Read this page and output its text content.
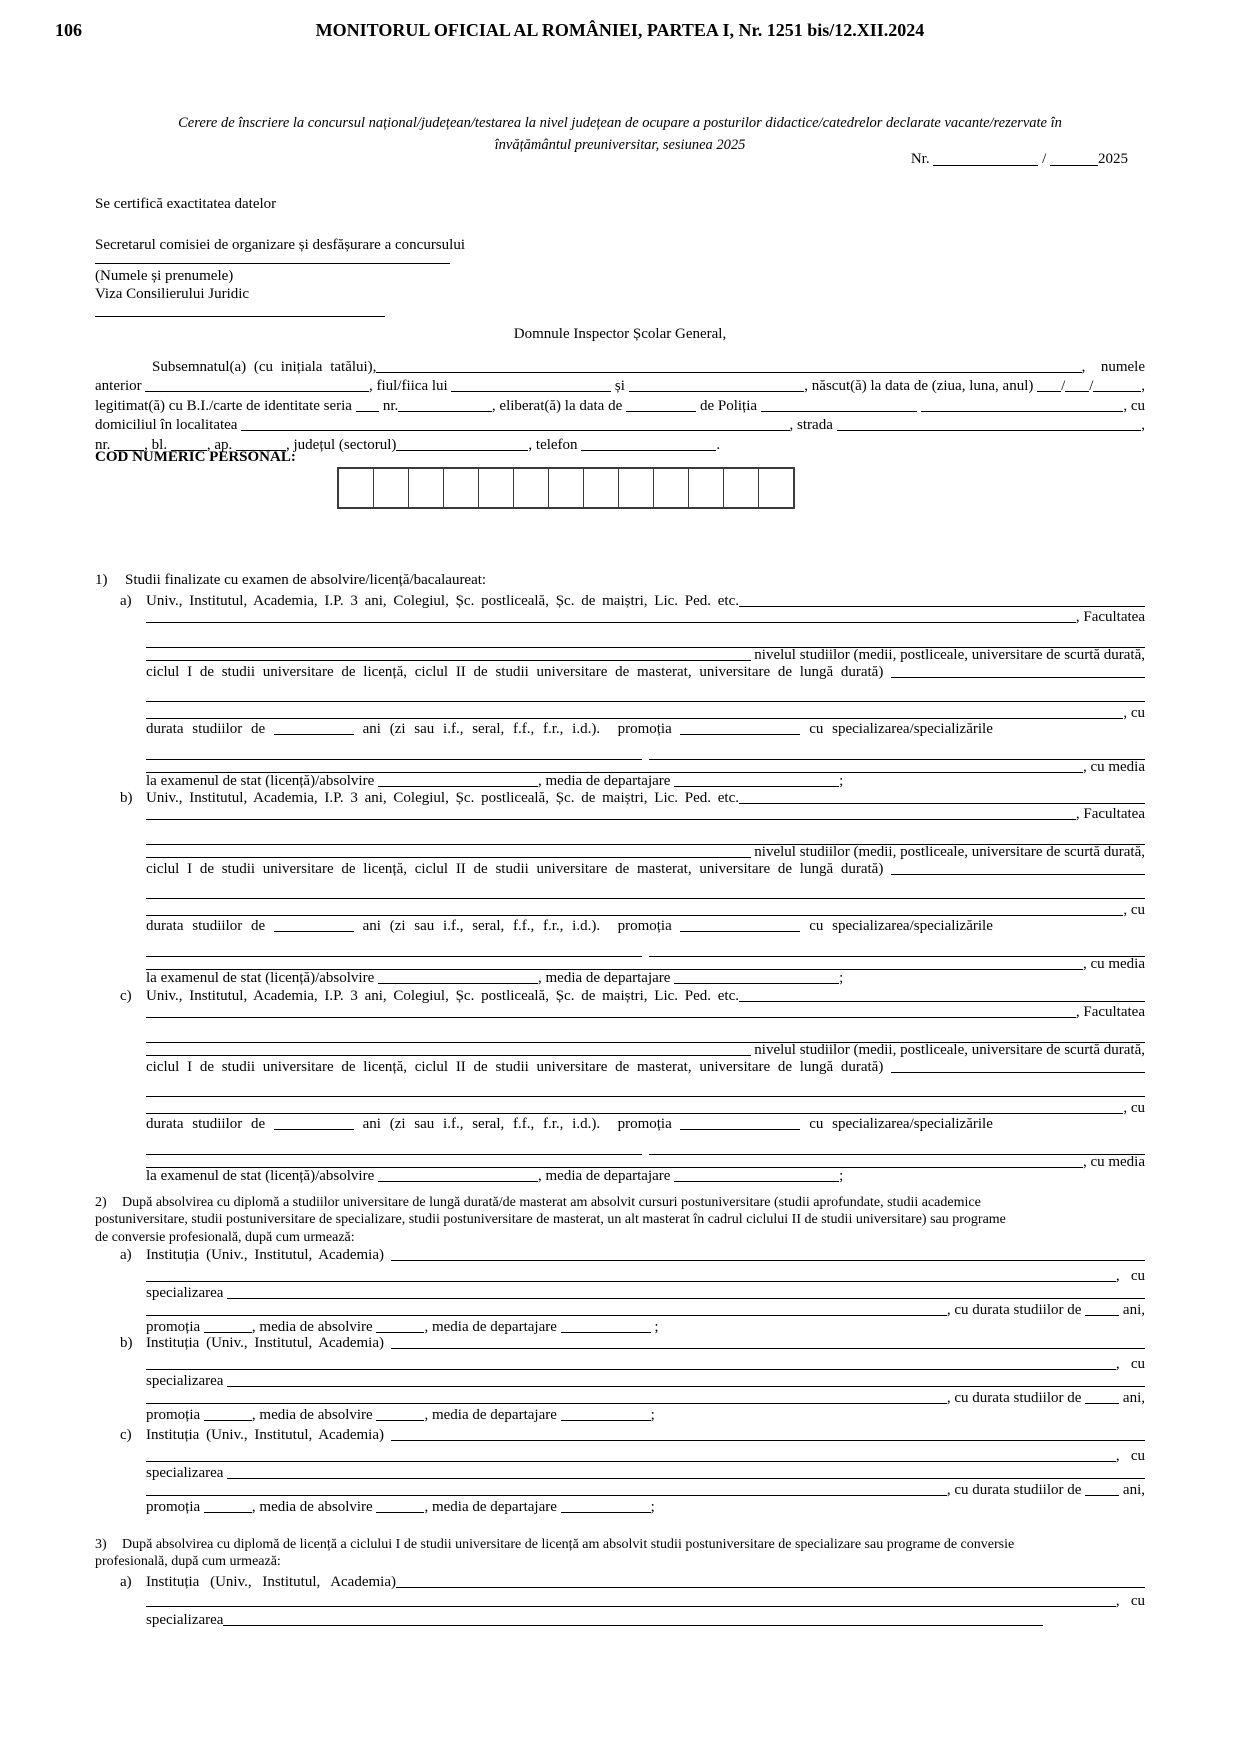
106	MONITORUL OFICIAL AL ROMÂNIEI, PARTEA I, Nr. 1251 bis/12.XII.2024
Cerere de înscriere la concursul național/județean/testarea la nivel județean de ocupare a posturilor didactice/catedrelor declarate vacante/rezervate în
învățământul preuniversitar, sesiunea 2025
Nr.	/	2025
Se certifică exactitatea datelor
Secretarul comisiei de organizare și desfășurare a concursului
(Numele și prenumele)
Viza Consilierului Juridic
Domnule Inspector Școlar General,
Subsemnatul(a) (cu inițiala tatălui),	,  numele
anterior	, fiul/fiica lui	și	, născut(ă) la data de (ziua, luna, anul) / /	,
legitimat(ă) cu B.I./carte de identitate seria nr.	, eliberat(ă) la data de	de Poliția
	, cu
domiciliul în localitatea	, strada	,
nr. , bl. , ap.	, județul (sectorul)	, telefon	.
COD NUMERIC PERSONAL:
1)	Studii finalizate cu examen de absolvire/licență/bacalaureat:
a) Univ., Institutul, Academia, I.P. 3 ani, Colegiul, Șc. postliceală, Șc. de maiștri, Lic. Ped. etc.
, Facultatea
nivelul studiilor (medii, postliceale, universitare de scurtă durată,
ciclul I de studii universitare de licență, ciclul II de studii universitare de masterat, universitare de lungă durată)
, cu
durata studiilor de	ani (zi sau i.f., seral, f.f., f.r., i.d.).  promoția	cu specializarea/specializările

, cu media
la examenul de stat (licență)/absolvire	, media de departajare	;
b) Univ., Institutul, Academia, I.P. 3 ani, Colegiul, Șc. postliceală, Șc. de maiștri, Lic. Ped. etc.
, Facultatea
nivelul studiilor (medii, postliceale, universitare de scurtă durată,
ciclul I de studii universitare de licență, ciclul II de studii universitare de masterat, universitare de lungă durată)
, cu
durata studiilor de	ani (zi sau i.f., seral, f.f., f.r., i.d.).  promoția	cu specializarea/specializările

, cu media
la examenul de stat (licență)/absolvire	, media de departajare	;
c) Univ., Institutul, Academia, I.P. 3 ani, Colegiul, Șc. postliceală, Șc. de maiștri, Lic. Ped. etc.
, Facultatea
nivelul studiilor (medii, postliceale, universitare de scurtă durată,
ciclul I de studii universitare de licență, ciclul II de studii universitare de masterat, universitare de lungă durată)
, cu
durata studiilor de	ani (zi sau i.f., seral, f.f., f.r., i.d.).  promoția	cu specializarea/specializările

, cu media
la examenul de stat (licență)/absolvire	, media de departajare	;
2)	După absolvirea cu diplomă a studiilor universitare de lungă durată/de masterat am absolvit cursuri postuniversitare (studii aprofundate, studii academice
postuniversitare, studii postuniversitare de specializare, studii postuniversitare de masterat, un alt masterat în cadrul ciclului II de studii universitare) sau programe
de conversie profesională, după cum urmează:
a) Instituția (Univ., Institutul, Academia)
,   cu
specializarea
, cu durata studiilor de ani,
promoția	, media de absolvire	, media de departajare	;
b) Instituția (Univ., Institutul, Academia)
,   cu
specializarea
, cu durata studiilor de ani,
promoția	, media de absolvire	, media de departajare	;
c) Instituția (Univ., Institutul, Academia)
,   cu
specializarea
, cu durata studiilor de ani,
promoția	, media de absolvire	, media de departajare	;
3)	După absolvirea cu diplomă de licență a ciclului I de studii universitare de licență am absolvit studii postuniversitare de specializare sau programe de conversie
profesională, după cum urmează:
a) Instituția (Univ., Institutul, Academia)
,   cu
specializarea
